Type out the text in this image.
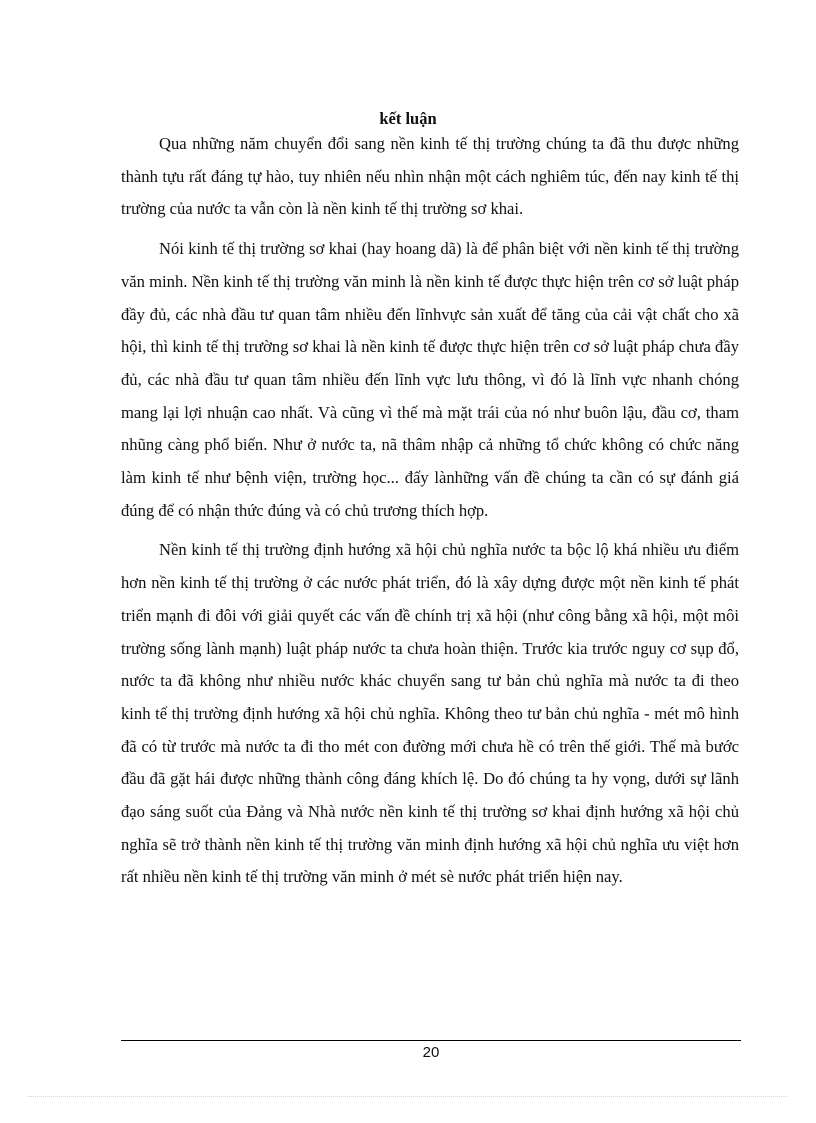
kết luận

Qua những năm chuyển đổi sang nền kinh tế thị trường chúng ta đã thu được những thành tựu rất đáng tự hào, tuy nhiên nếu nhìn nhận một cách nghiêm túc, đến nay kinh tế thị trường của nước ta vẫn còn là nền kinh tế thị trường sơ khai.

Nói kinh tế thị trường sơ khai (hay hoang dã) là để phân biệt với nền kinh tế thị trường văn minh. Nền kinh tế thị trường văn minh là nền kinh tế được thực hiện trên cơ sở luật pháp đầy đủ, các nhà đầu tư quan tâm nhiều đến lĩnhvực sản xuất để tăng của cải vật chất cho xã hội, thì kinh tế thị trường sơ khai là nền kinh tế được thực hiện trên cơ sở luật pháp chưa đầy đủ, các nhà đầu tư quan tâm nhiều đến lĩnh vực lưu thông, vì đó là lĩnh vực nhanh chóng mang lại lợi nhuận cao nhất. Và cũng vì thế mà mặt trái của nó như buôn lậu, đầu cơ, tham nhũng càng phổ biến. Như ở nước ta, nã thâm nhập cả những tổ chức không có chức năng làm kinh tế như bệnh viện, trường học... đấy lànhững vấn đề chúng ta cần có sự đánh giá đúng để có nhận thức đúng và có chủ trương thích hợp.

Nền kinh tế thị trường định hướng xã hội chủ nghĩa nước ta bộc lộ khá nhiều ưu điểm hơn nền kinh tế thị trường ở các nước phát triển, đó là xây dựng được một nền kinh tế phát triển mạnh đi đôi với giải quyết các vấn đề chính trị xã hội (như công bằng xã hội, một môi trường sống lành mạnh) luật pháp nước ta chưa hoàn thiện. Trước kia trước nguy cơ sụp đổ, nước ta đã không như nhiều nước khác chuyển sang tư bản chủ nghĩa mà nước ta đi theo kinh tế thị trường định hướng xã hội chủ nghĩa. Không theo tư bản chủ nghĩa - mét mô hình đã có từ trước mà nước ta đi tho mét con đường mới chưa hề có trên thế giới. Thế mà bước đầu đã gặt hái được những thành công đáng khích lệ. Do đó chúng ta hy vọng, dưới sự lãnh đạo sáng suốt của Đảng và Nhà nước nền kinh tế thị trường sơ khai định hướng xã hội chủ nghĩa sẽ trở thành nền kinh tế thị trường văn minh định hướng xã hội chủ nghĩa ưu việt hơn rất nhiều nền kinh tế thị trường văn minh ở mét sè nước phát triển hiện nay.

20
